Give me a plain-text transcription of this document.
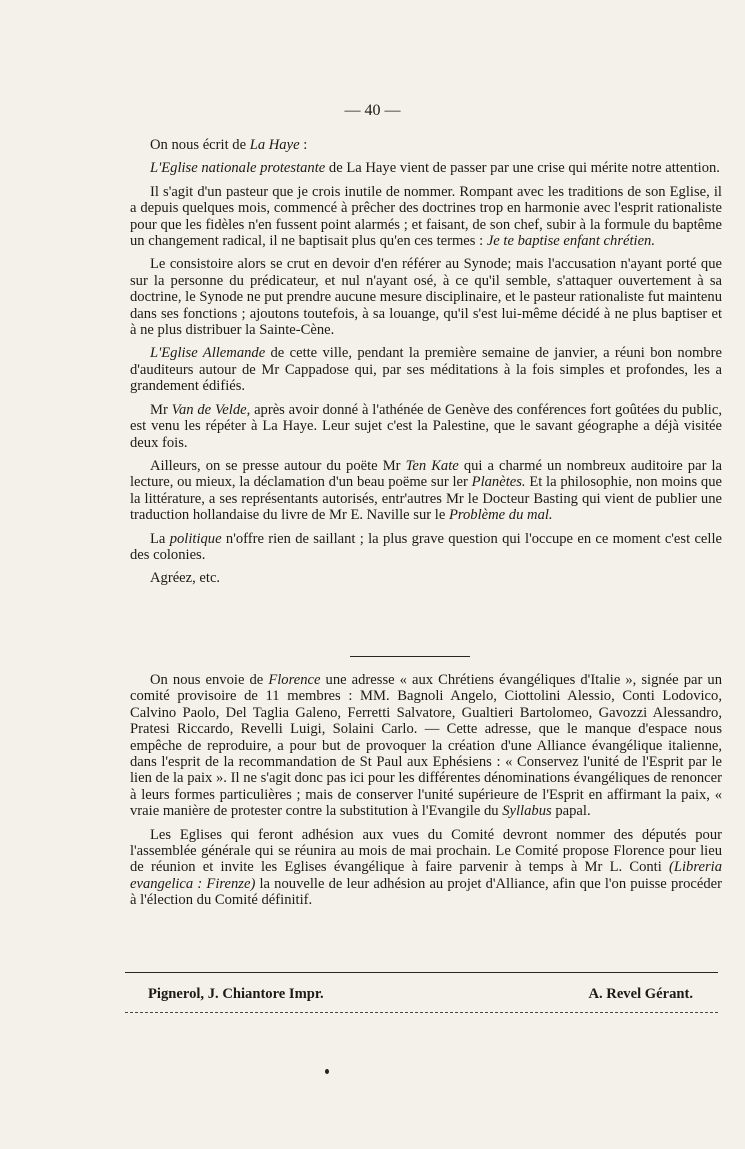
— 40 —

On nous écrit de La Haye :

L'Eglise nationale protestante de La Haye vient de passer par une crise qui mérite notre attention.

Il s'agit d'un pasteur que je crois inutile de nommer. Rompant avec les traditions de son Eglise, il a depuis quelques mois, commencé à prêcher des doctrines trop en harmonie avec l'esprit rationaliste pour que les fidèles n'en fussent point alarmés ; et faisant, de son chef, subir à la formule du baptême un changement radical, il ne baptisait plus qu'en ces termes : Je te baptise enfant chrétien.

Le consistoire alors se crut en devoir d'en référer au Synode; mais l'accusation n'ayant porté que sur la personne du prédicateur, et nul n'ayant osé, à ce qu'il semble, s'attaquer ouvertement à sa doctrine, le Synode ne put prendre aucune mesure disciplinaire, et le pasteur rationaliste fut maintenu dans ses fonctions ; ajoutons toutefois, à sa louange, qu'il s'est lui-même décidé à ne plus baptiser et à ne plus distribuer la Sainte-Cène.

L'Eglise Allemande de cette ville, pendant la première semaine de janvier, a réuni bon nombre d'auditeurs autour de Mr Cappadose qui, par ses méditations à la fois simples et profondes, les a grandement édifiés.

Mr Van de Velde, après avoir donné à l'athénée de Genève des conférences fort goûtées du public, est venu les répéter à La Haye. Leur sujet c'est la Palestine, que le savant géographe a déjà visitée deux fois.

Ailleurs, on se presse autour du poëte Mr Ten Kate qui a charmé un nombreux auditoire par la lecture, ou mieux, la déclamation d'un beau poëme sur ler Planètes. Et la philosophie, non moins que la littérature, a ses représentants autorisés, entr'autres Mr le Docteur Basting qui vient de publier une traduction hollandaise du livre de Mr E. Naville sur le Problème du mal.

La politique n'offre rien de saillant ; la plus grave question qui l'occupe en ce moment c'est celle des colonies.

Agréez, etc.

On nous envoie de Florence une adresse « aux Chrétiens évangéliques d'Italie », signée par un comité provisoire de 11 membres : MM. Bagnoli Angelo, Ciottolini Alessio, Conti Lodovico, Calvino Paolo, Del Taglia Galeno, Ferretti Salvatore, Gualtieri Bartolomeo, Gavozzi Alessandro, Pratesi Riccardo, Revelli Luigi, Solaini Carlo. — Cette adresse, que le manque d'espace nous empêche de reproduire, a pour but de provoquer la création d'une Alliance évangélique italienne, dans l'esprit de la recommandation de St Paul aux Ephésiens : « Conservez l'unité de l'Esprit par le lien de la paix ». Il ne s'agit donc pas ici pour les différentes dénominations évangéliques de renoncer à leurs formes particulières ; mais de conserver l'unité supérieure de l'Esprit en affirmant la paix, « vraie manière de protester contre la substitution à l'Evangile du Syllabus papal.

Les Eglises qui feront adhésion aux vues du Comité devront nommer des députés pour l'assemblée générale qui se réunira au mois de mai prochain. Le Comité propose Florence pour lieu de réunion et invite les Eglises évangélique à faire parvenir à temps à Mr L. Conti (Libreria evangelica : Firenze) la nouvelle de leur adhésion au projet d'Alliance, afin que l'on puisse procéder à l'élection du Comité définitif.

Pignerol, J. Chiantore Impr.	A. Revel Gérant.
